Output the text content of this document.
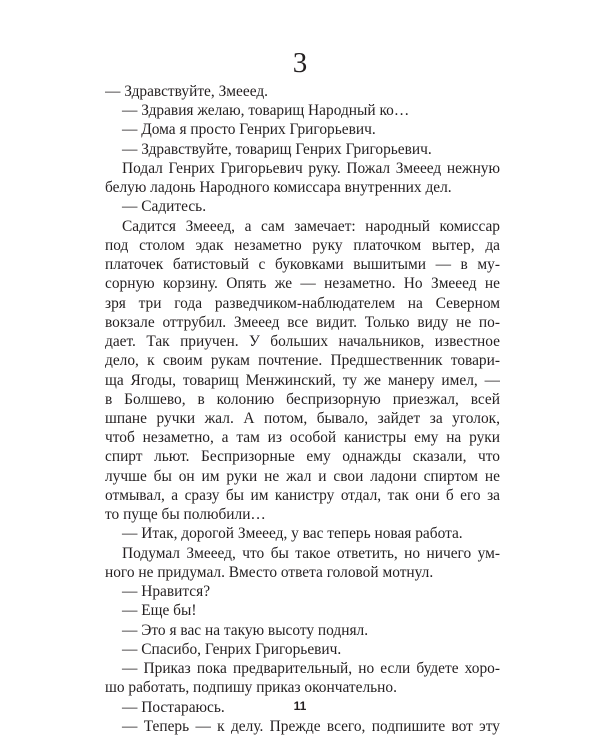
3
— Здравствуйте, Змееед.
— Здравия желаю, товарищ Народный ко…
— Дома я просто Генрих Григорьевич.
— Здравствуйте, товарищ Генрих Григорьевич.
Подал Генрих Григорьевич руку. Пожал Змееед нежную
белую ладонь Народного комиссара внутренних дел.
— Садитесь.
Садится Змееед, а сам замечает: народный комиссар
под столом эдак незаметно руку платочком вытер, да
платочек батистовый с буковками вышитыми — в му-
сорную корзину. Опять же — незаметно. Но Змееед не
зря три года разведчиком-наблюдателем на Северном
вокзале оттрубил. Змееед все видит. Только виду не по-
дает. Так приучен. У больших начальников, известное
дело, к своим рукам почтение. Предшественник товари-
ща Ягоды, товарищ Менжинский, ту же манеру имел, —
в Болшево, в колонию беспризорную приезжал, всей
шпане ручки жал. А потом, бывало, зайдет за уголок,
чтоб незаметно, а там из особой канистры ему на руки
спирт льют. Беспризорные ему однажды сказали, что
лучше бы он им руки не жал и свои ладони спиртом не
отмывал, а сразу бы им канистру отдал, так они б его за
то пуще бы полюбили…
— Итак, дорогой Змееед, у вас теперь новая работа.
Подумал Змееед, что бы такое ответить, но ничего ум-
ного не придумал. Вместо ответа головой мотнул.
— Нравится?
— Еще бы!
— Это я вас на такую высоту поднял.
— Спасибо, Генрих Григорьевич.
— Приказ пока предварительный, но если будете хоро-
шо работать, подпишу приказ окончательно.
— Постараюсь.
— Теперь — к делу. Прежде всего, подпишите вот эту
11
